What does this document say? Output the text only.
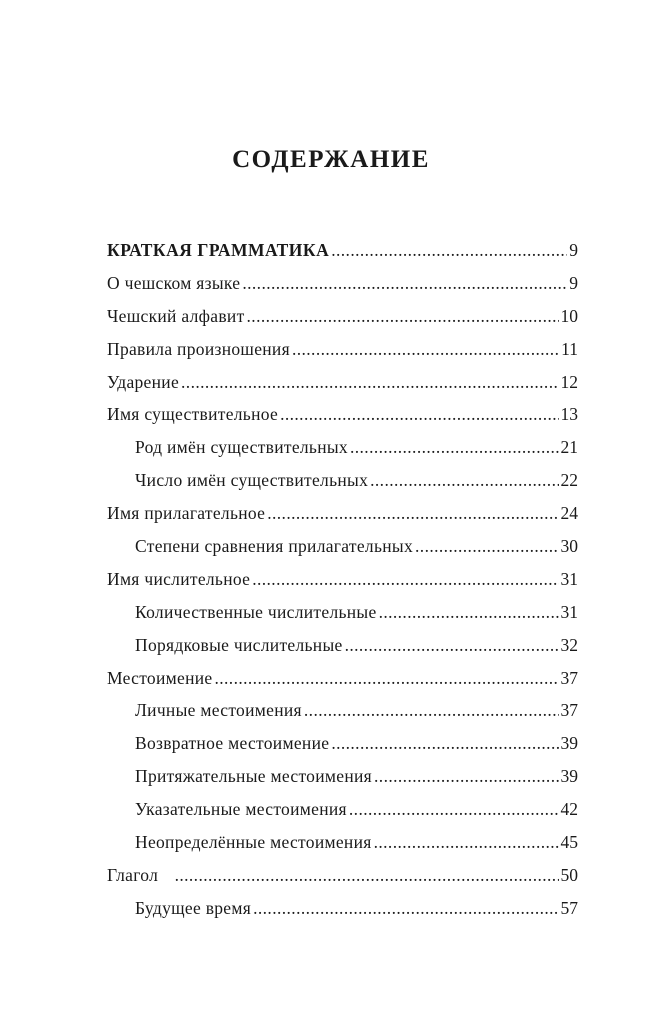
СОДЕРЖАНИЕ
КРАТКАЯ ГРАММАТИКА .....	9
О чешском языке .....	9
Чешский алфавит .....	10
Правила произношения .....	11
Ударение .....	12
Имя существительное .....	13
Род имён существительных .....	21
Число имён существительных .....	22
Имя прилагательное .....	24
Степени сравнения прилагательных .....	30
Имя числительное .....	31
Количественные числительные .....	31
Порядковые числительные .....	32
Местоимение .....	37
Личные местоимения .....	37
Возвратное местоимение .....	39
Притяжательные местоимения .....	39
Указательные местоимения .....	42
Неопределённые местоимения .....	45
Глагол .....	50
Будущее время .....	57
